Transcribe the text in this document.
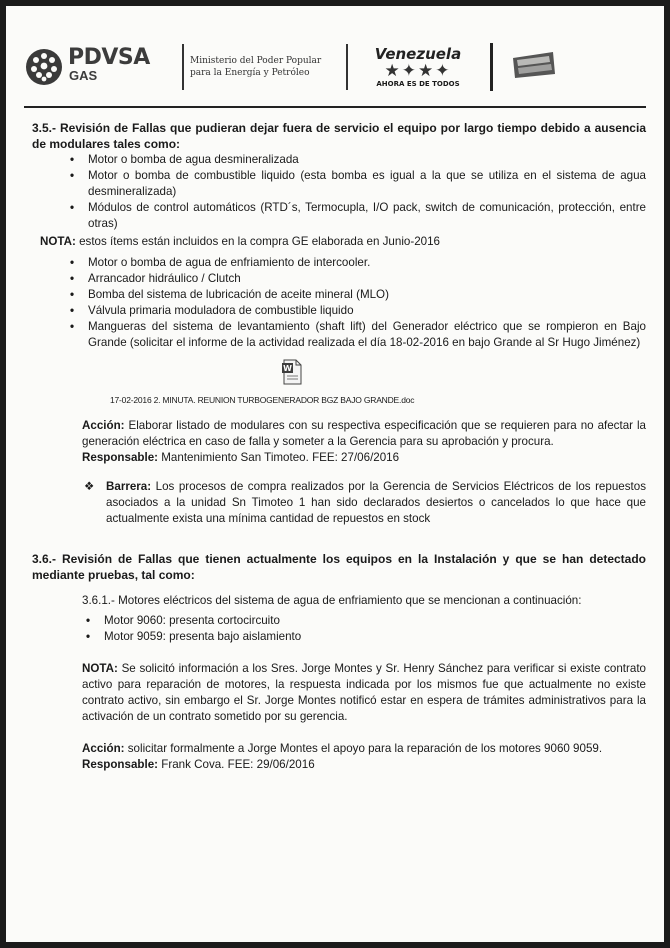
PDVSA
GAS
Ministerio del Poder Popular
para la Energía y Petróleo
Venezuela
★✦★✦
AHORA ES DE TODOS

3.5.- Revisión de Fallas que pudieran dejar fuera de servicio el equipo por largo tiempo debido a ausencia de modulares tales como:

• Motor o bomba de agua desmineralizada
• Motor o bomba de combustible liquido (esta bomba es igual a la que se utiliza en el sistema de agua desmineralizada)
• Módulos de control automáticos (RTD´s, Termocupla, I/O pack, switch de comunicación, protección, entre otras)

NOTA: estos ítems están incluidos en la compra GE elaborada en Junio-2016

• Motor o bomba de agua de enfriamiento de intercooler.
• Arrancador hidráulico / Clutch
• Bomba del sistema de lubricación de aceite mineral (MLO)
• Válvula primaria moduladora de combustible liquido
• Mangueras del sistema de levantamiento (shaft lift) del Generador eléctrico que se rompieron en Bajo Grande (solicitar el informe de la actividad realizada el día 18-02-2016 en bajo Grande al Sr Hugo Jiménez)
W

17-02-2016 2. MINUTA. REUNION TURBOGENERADOR BGZ BAJO GRANDE.doc

Acción: Elaborar listado de modulares con su respectiva especificación que se requieren para no afectar la generación eléctrica en caso de falla y someter a la Gerencia para su aprobación y procura.

Responsable: Mantenimiento San Timoteo. FEE: 27/06/2016

❖ Barrera: Los procesos de compra realizados por la Gerencia de Servicios Eléctricos de los repuestos asociados a la unidad Sn Timoteo 1 han sido declarados desiertos o cancelados lo que hace que actualmente exista una mínima cantidad de repuestos en stock

3.6.- Revisión de Fallas que tienen actualmente los equipos en la Instalación y que se han detectado mediante pruebas, tal como:

3.6.1.- Motores eléctricos del sistema de agua de enfriamiento que se mencionan a continuación:

• Motor 9060: presenta cortocircuito
• Motor 9059: presenta bajo aislamiento

NOTA: Se solicitó información a los Sres. Jorge Montes y Sr. Henry Sánchez para verificar si existe contrato activo para reparación de motores, la respuesta indicada por los mismos fue que actualmente no existe contrato activo, sin embargo el Sr. Jorge Montes notificó estar en espera de trámites administrativos para la activación de un contrato sometido por su gerencia.

Acción: solicitar formalmente a Jorge Montes el apoyo para la reparación de los motores 9060 9059.

Responsable: Frank Cova. FEE: 29/06/2016
